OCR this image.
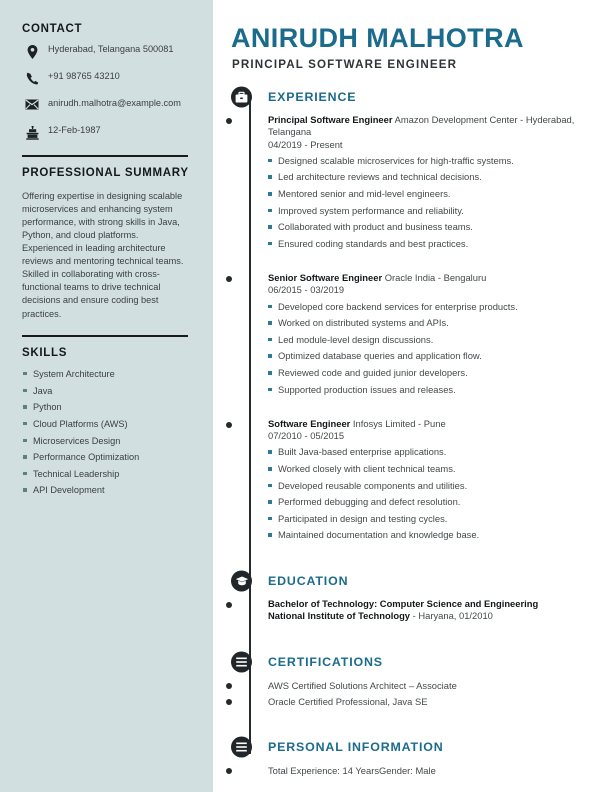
CONTACT
Hyderabad, Telangana 500081
+91 98765 43210
anirudh.malhotra@example.com
12-Feb-1987
PROFESSIONAL SUMMARY

Offering expertise in designing scalable microservices and enhancing system performance, with strong skills in Java, Python, and cloud platforms. Experienced in leading architecture reviews and mentoring technical teams. Skilled in collaborating with cross-functional teams to drive technical decisions and ensure coding best practices.

SKILLS
System Architecture
Java
Python
Cloud Platforms (AWS)
Microservices Design
Performance Optimization
Technical Leadership
API Development
ANIRUDH MALHOTRA
PRINCIPAL SOFTWARE ENGINEER
EXPERIENCE
Principal Software Engineer Amazon Development Center - Hyderabad, Telangana
04/2019 - Present
Designed scalable microservices for high-traffic systems.
Led architecture reviews and technical decisions.
Mentored senior and mid-level engineers.
Improved system performance and reliability.
Collaborated with product and business teams.
Ensured coding standards and best practices.
Senior Software Engineer Oracle India - Bengaluru
06/2015 - 03/2019
Developed core backend services for enterprise products.
Worked on distributed systems and APIs.
Led module-level design discussions.
Optimized database queries and application flow.
Reviewed code and guided junior developers.
Supported production issues and releases.
Software Engineer Infosys Limited - Pune
07/2010 - 05/2015
Built Java-based enterprise applications.
Worked closely with client technical teams.
Developed reusable components and utilities.
Performed debugging and defect resolution.
Participated in design and testing cycles.
Maintained documentation and knowledge base.
EDUCATION
Bachelor of Technology: Computer Science and Engineering
National Institute of Technology - Haryana, 01/2010
CERTIFICATIONS
AWS Certified Solutions Architect – Associate
Oracle Certified Professional, Java SE
PERSONAL INFORMATION
Total Experience: 14 YearsGender: Male
